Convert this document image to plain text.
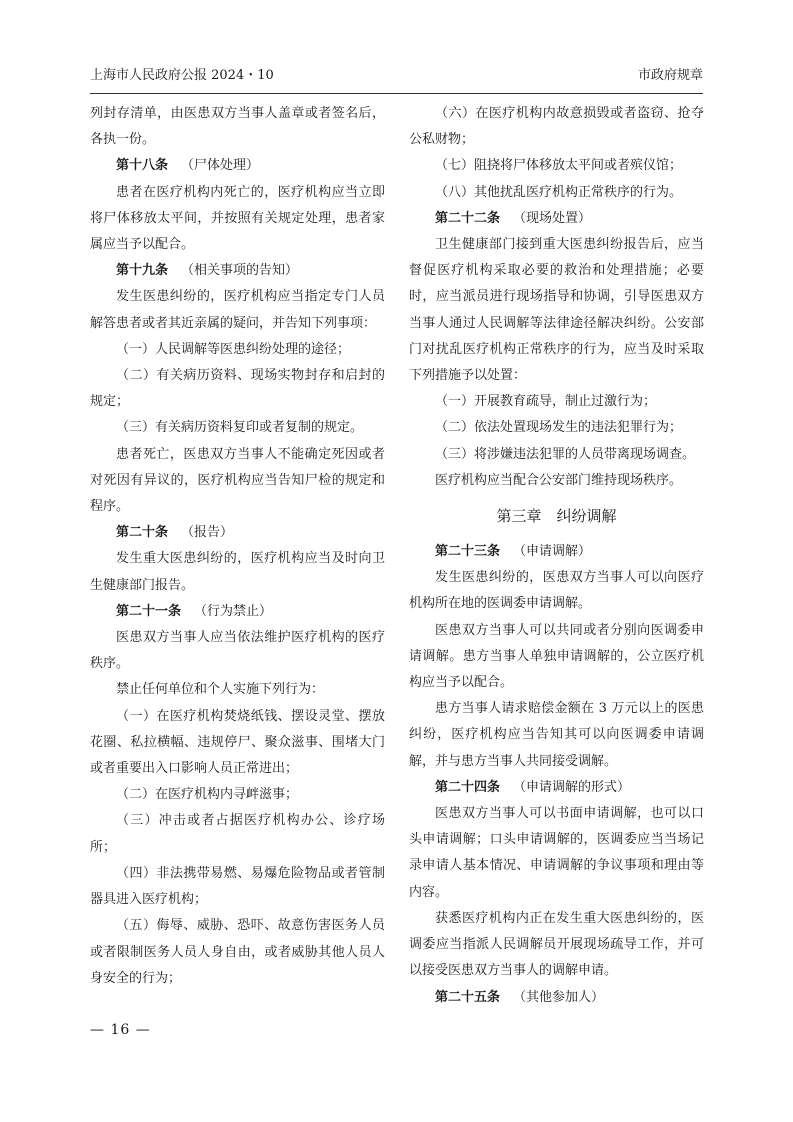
上海市人民政府公报 2024・10	市政府规章

列封存清单，由医患双方当事人盖章或者签名后，各执一份。

第十八条 （尸体处理）

患者在医疗机构内死亡的，医疗机构应当立即将尸体移放太平间，并按照有关规定处理，患者家属应当予以配合。

第十九条 （相关事项的告知）

发生医患纠纷的，医疗机构应当指定专门人员解答患者或者其近亲属的疑问，并告知下列事项：

（一）人民调解等医患纠纷处理的途径；

（二）有关病历资料、现场实物封存和启封的规定；

（三）有关病历资料复印或者复制的规定。

患者死亡，医患双方当事人不能确定死因或者对死因有异议的，医疗机构应当告知尸检的规定和程序。

第二十条 （报告）

发生重大医患纠纷的，医疗机构应当及时向卫生健康部门报告。

第二十一条 （行为禁止）

医患双方当事人应当依法维护医疗机构的医疗秩序。

禁止任何单位和个人实施下列行为：

（一）在医疗机构焚烧纸钱、摆设灵堂、摆放花圈、私拉横幅、违规停尸、聚众滋事、围堵大门或者重要出入口影响人员正常进出；

（二）在医疗机构内寻衅滋事；

（三）冲击或者占据医疗机构办公、诊疗场所；

（四）非法携带易燃、易爆危险物品或者管制器具进入医疗机构；

（五）侮辱、威胁、恐吓、故意伤害医务人员或者限制医务人员人身自由，或者威胁其他人员人身安全的行为；

（六）在医疗机构内故意损毁或者盗窃、抢夺公私财物；

（七）阻挠将尸体移放太平间或者殡仪馆；

（八）其他扰乱医疗机构正常秩序的行为。

第二十二条 （现场处置）

卫生健康部门接到重大医患纠纷报告后，应当督促医疗机构采取必要的救治和处理措施；必要时，应当派员进行现场指导和协调，引导医患双方当事人通过人民调解等法律途径解决纠纷。公安部门对扰乱医疗机构正常秩序的行为，应当及时采取下列措施予以处置：

（一）开展教育疏导，制止过激行为；

（二）依法处置现场发生的违法犯罪行为；

（三）将涉嫌违法犯罪的人员带离现场调查。

医疗机构应当配合公安部门维持现场秩序。

第三章　纠纷调解

第二十三条 （申请调解）

发生医患纠纷的，医患双方当事人可以向医疗机构所在地的医调委申请调解。

医患双方当事人可以共同或者分别向医调委申请调解。患方当事人单独申请调解的，公立医疗机构应当予以配合。

患方当事人请求赔偿金额在 3 万元以上的医患纠纷，医疗机构应当告知其可以向医调委申请调解，并与患方当事人共同接受调解。

第二十四条 （申请调解的形式）

医患双方当事人可以书面申请调解，也可以口头申请调解；口头申请调解的，医调委应当当场记录申请人基本情况、申请调解的争议事项和理由等内容。

获悉医疗机构内正在发生重大医患纠纷的，医调委应当指派人民调解员开展现场疏导工作，并可以接受医患双方当事人的调解申请。

第二十五条 （其他参加人）

— 16 —
